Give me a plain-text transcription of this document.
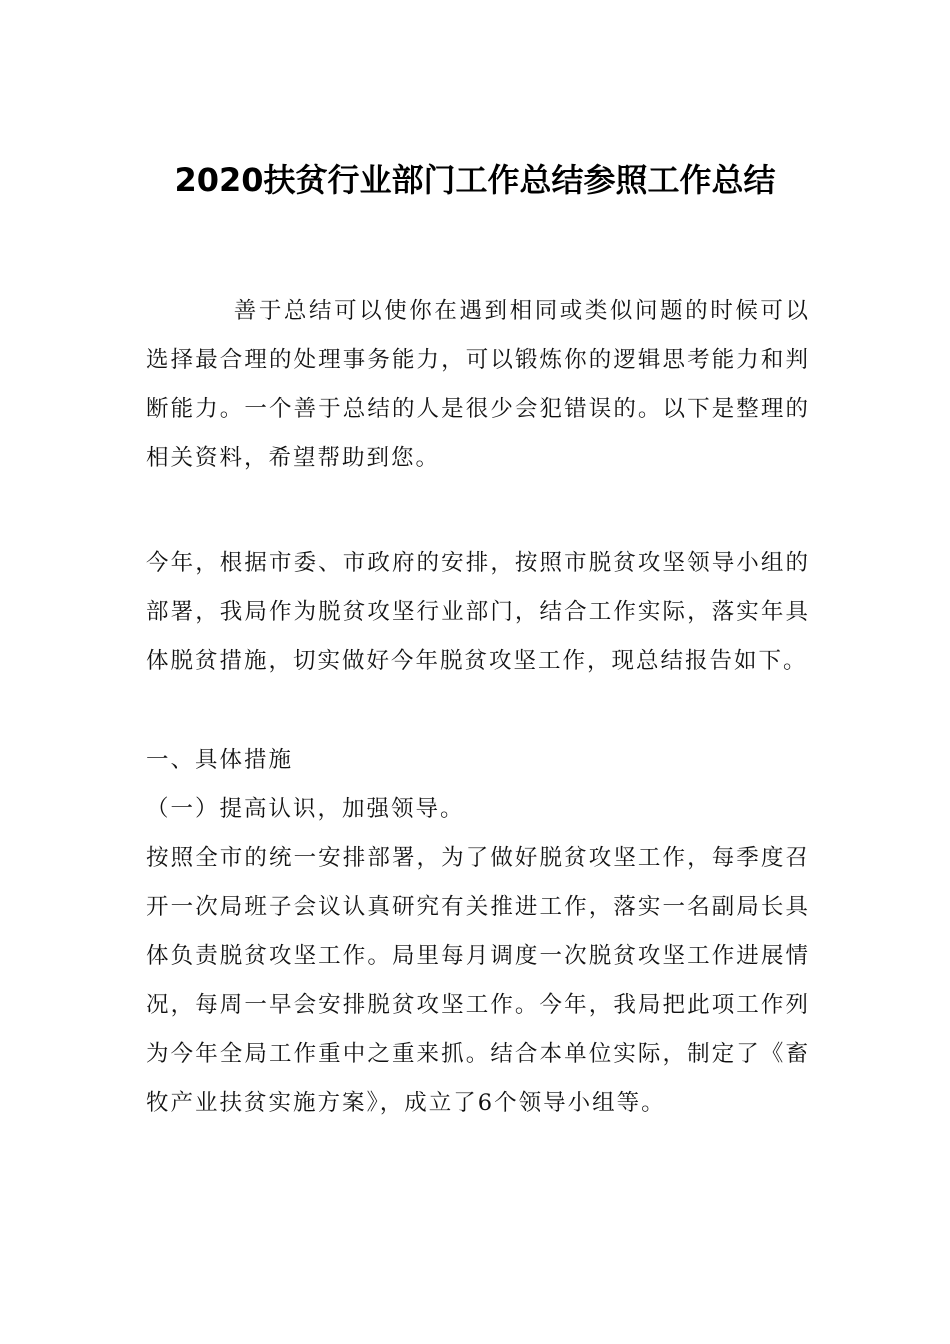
2020扶贫行业部门工作总结参照工作总结

善于总结可以使你在遇到相同或类似问题的时候可以选择最合理的处理事务能力，可以锻炼你的逻辑思考能力和判断能力。一个善于总结的人是很少会犯错误的。以下是整理的相关资料，希望帮助到您。

今年，根据市委、市政府的安排，按照市脱贫攻坚领导小组的部署，我局作为脱贫攻坚行业部门，结合工作实际，落实年具体脱贫措施，切实做好今年脱贫攻坚工作，现总结报告如下。

一、具体措施

（一）提高认识，加强领导。

按照全市的统一安排部署，为了做好脱贫攻坚工作，每季度召开一次局班子会议认真研究有关推进工作，落实一名副局长具体负责脱贫攻坚工作。局里每月调度一次脱贫攻坚工作进展情况，每周一早会安排脱贫攻坚工作。今年，我局把此项工作列为今年全局工作重中之重来抓。结合本单位实际，制定了《畜牧产业扶贫实施方案》，成立了6个领导小组等。
